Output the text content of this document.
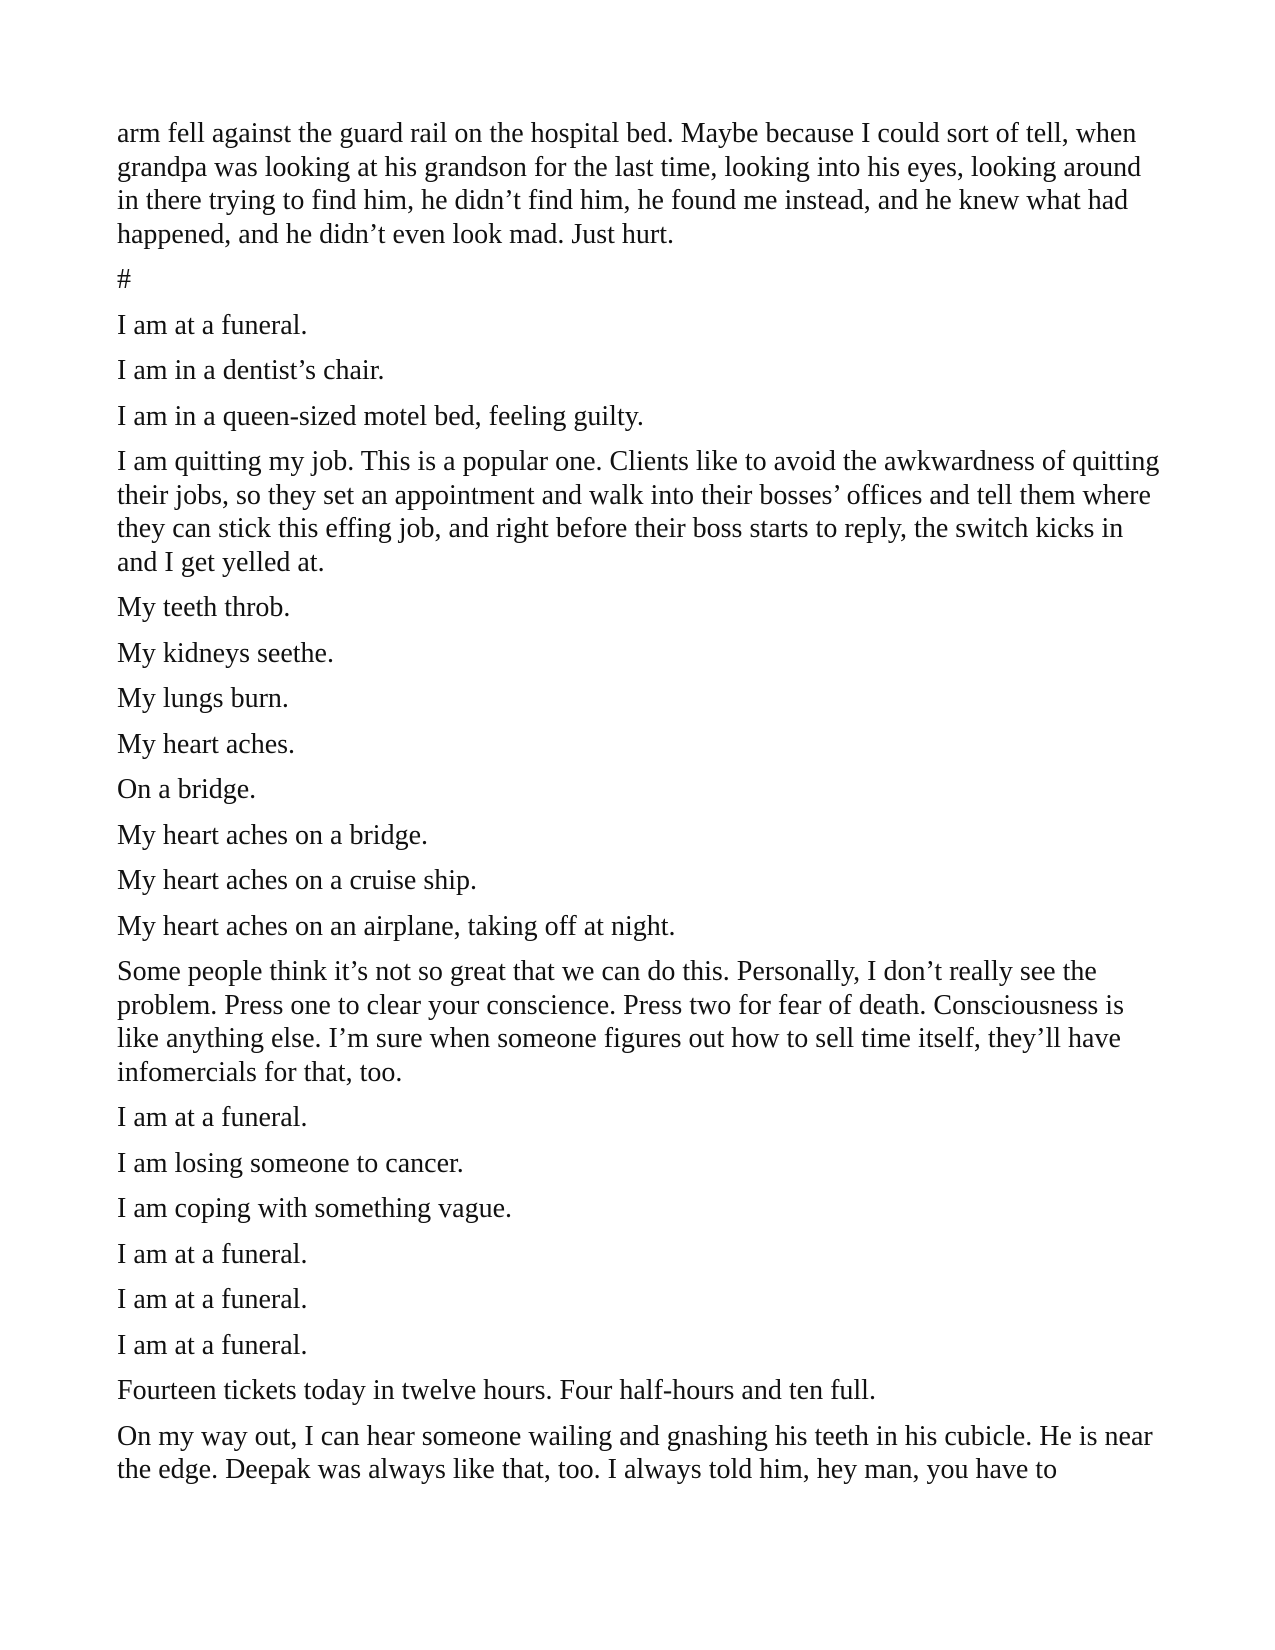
arm fell against the guard rail on the hospital bed. Maybe because I could sort of tell, when grandpa was looking at his grandson for the last time, looking into his eyes, looking around in there trying to find him, he didn’t find him, he found me instead, and he knew what had happened, and he didn’t even look mad. Just hurt.

#

I am at a funeral.

I am in a dentist’s chair.

I am in a queen-sized motel bed, feeling guilty.

I am quitting my job. This is a popular one. Clients like to avoid the awkwardness of quitting their jobs, so they set an appointment and walk into their bosses’ offices and tell them where they can stick this effing job, and right before their boss starts to reply, the switch kicks in and I get yelled at.

My teeth throb.

My kidneys seethe.

My lungs burn.

My heart aches.

On a bridge.

My heart aches on a bridge.

My heart aches on a cruise ship.

My heart aches on an airplane, taking off at night.

Some people think it’s not so great that we can do this. Personally, I don’t really see the problem. Press one to clear your conscience. Press two for fear of death. Consciousness is like anything else. I’m sure when someone figures out how to sell time itself, they’ll have infomercials for that, too.

I am at a funeral.

I am losing someone to cancer.

I am coping with something vague.

I am at a funeral.

I am at a funeral.

I am at a funeral.

Fourteen tickets today in twelve hours. Four half-hours and ten full.

On my way out, I can hear someone wailing and gnashing his teeth in his cubicle. He is near the edge. Deepak was always like that, too. I always told him, hey man, you have to
